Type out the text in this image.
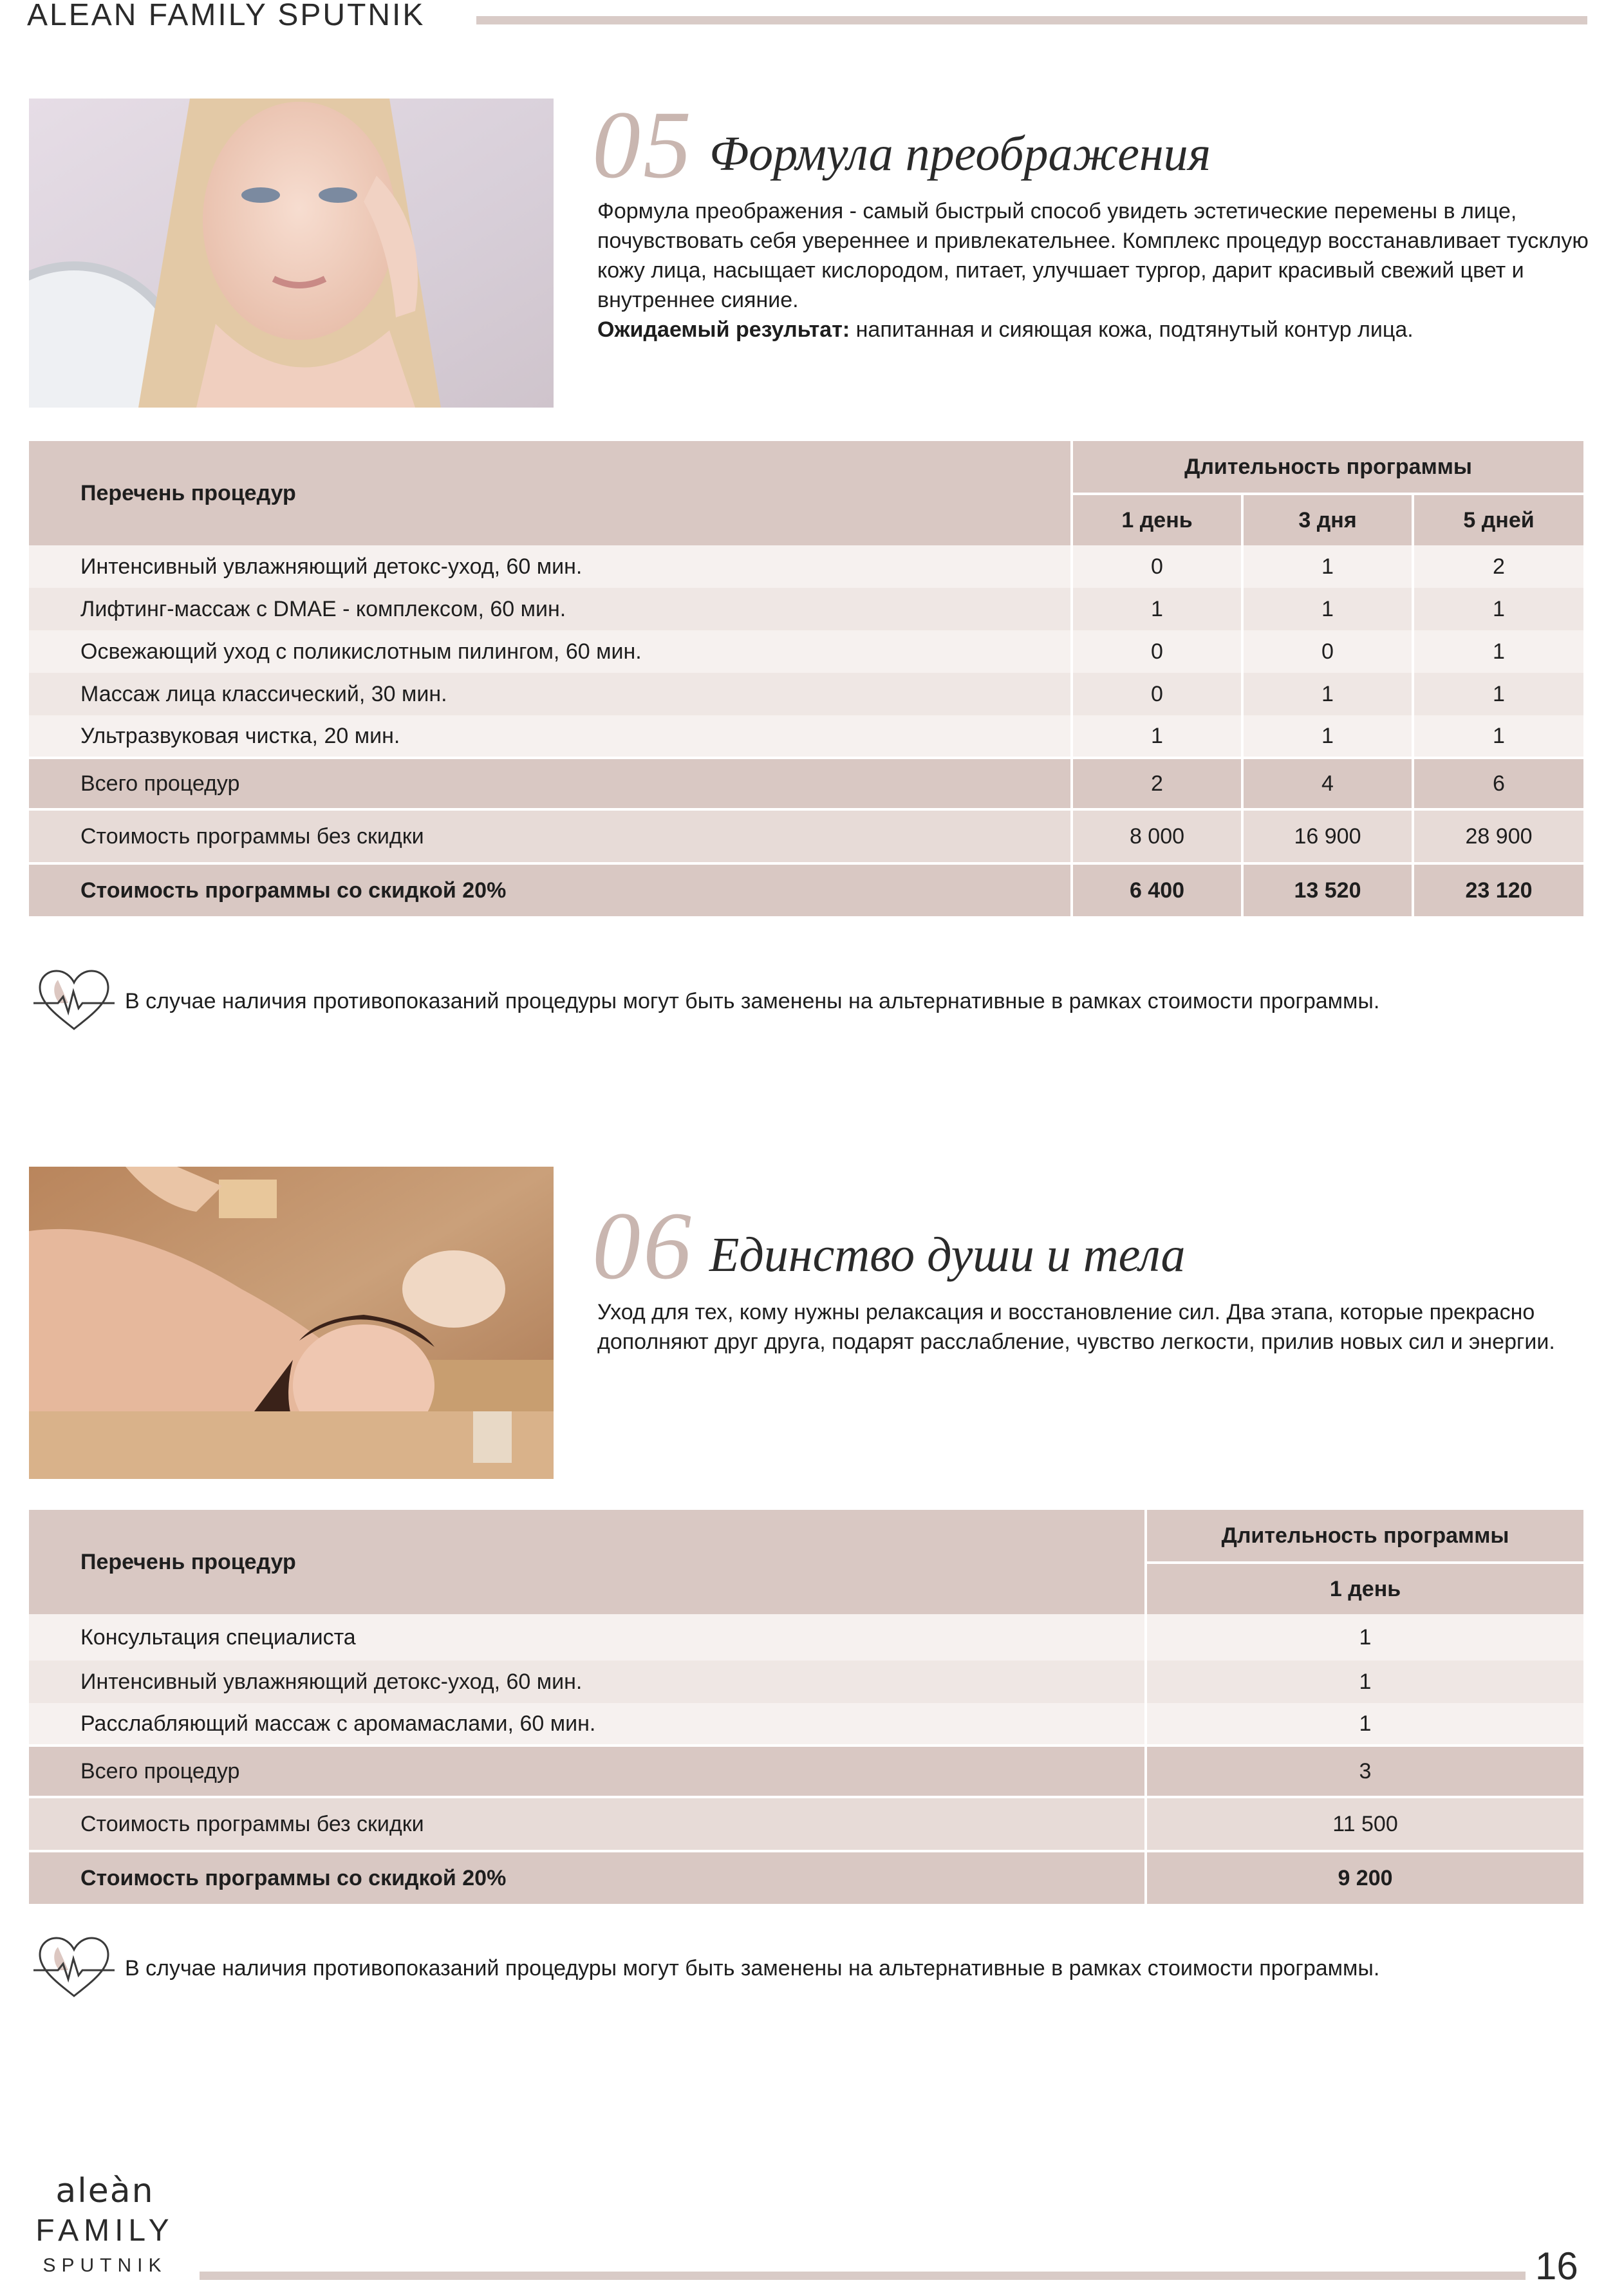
ALEAN FAMILY SPUTNIK
05 Формула преображения
Формула преображения - самый быстрый способ увидеть эстетические перемены в лице, почувствовать себя увереннее и привлекательнее. Комплекс процедур восстанавливает тусклую кожу лица, насыщает кислородом, питает, улучшает тургор, дарит красивый свежий цвет и внутреннее сияние.
Ожидаемый результат: напитанная и сияющая кожа, подтянутый контур лица.
Перечень процедур	Длительность программы		
	1 день	3 дня	5 дней
Интенсивный увлажняющий детокс-уход, 60 мин.	0	1	2
Лифтинг-массаж с DMAE - комплексом, 60 мин.	1	1	1
Освежающий уход с поликислотным пилингом, 60 мин.	0	0	1
Массаж лица классический, 30 мин.	0	1	1
Ультразвуковая чистка, 20 мин.	1	1	1
Всего процедур	2	4	6
Стоимость программы без скидки	8 000	16 900	28 900
Стоимость программы со скидкой 20%	6 400	13 520	23 120
В случае наличия противопоказаний процедуры могут быть заменены на альтернативные в рамках стоимости программы.
06 Единство души и тела
Уход для тех, кому нужны релаксация и восстановление сил. Два этапа, которые прекрасно дополняют друг друга, подарят расслабление, чувство легкости, прилив новых сил и энергии.
Перечень процедур	Длительность программы
	1 день
Консультация специалиста	1
Интенсивный увлажняющий детокс-уход, 60 мин.	1
Расслабляющий массаж с аромамаслами, 60 мин.	1
Всего процедур	3
Стоимость программы без скидки	11 500
Стоимость программы со скидкой 20%	9 200
В случае наличия противопоказаний процедуры могут быть заменены на альтернативные в рамках стоимости программы.
aleàn
FAMILY
SPUTNIK	16
